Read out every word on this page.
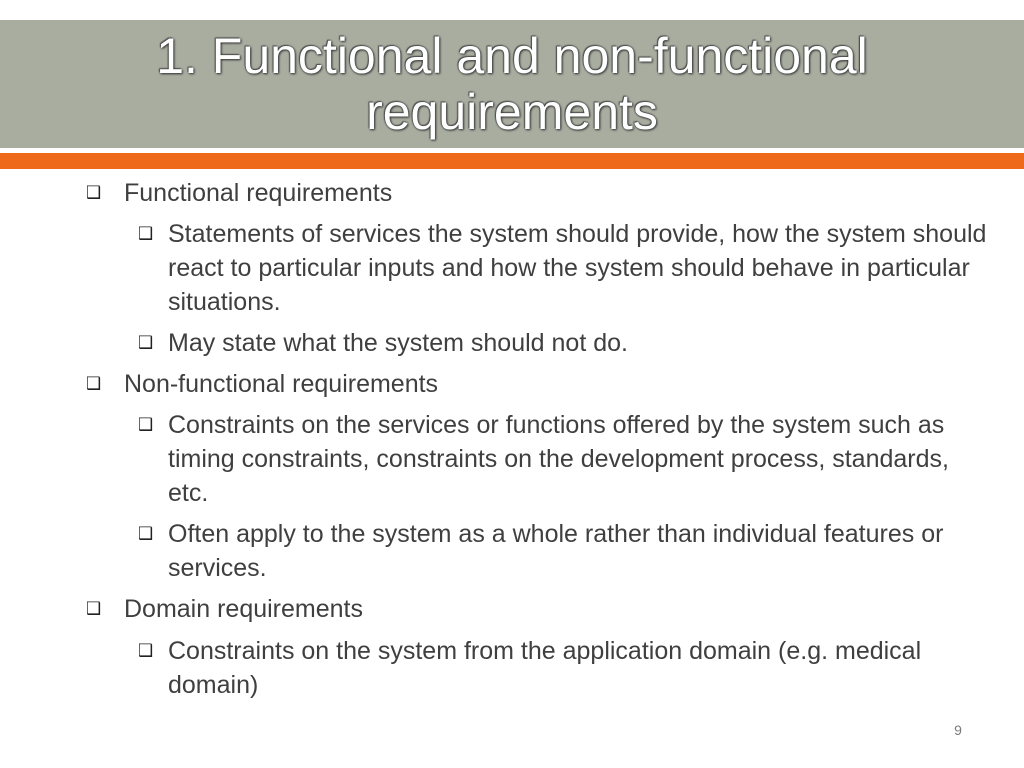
1. Functional and non-functional
requirements
❑ Functional requirements
❑ Statements of services the system should provide, how the system should react to particular inputs and how the system should behave in particular situations.
❑ May state what the system should not do.
❑ Non-functional requirements
❑ Constraints on the services or functions offered by the system such as timing constraints, constraints on the development process, standards, etc.
❑ Often apply to the system as a whole rather than individual features or services.
❑ Domain requirements
❑ Constraints on the system from the application domain (e.g. medical domain)
9
